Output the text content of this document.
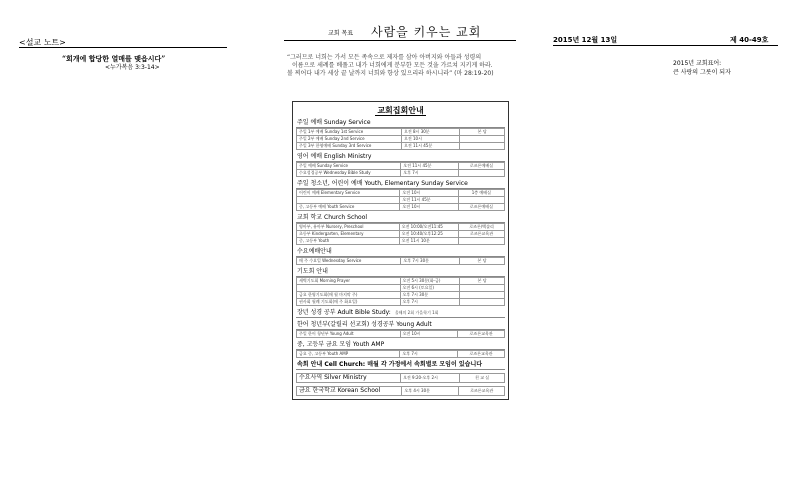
<설교 노트>
“회개에 합당한 열매를 맺읍시다”
<누가복음 3:3-14>
교회 목표 사람을 키우는 교회
2015년 12월 13일	제 40-49호
“그러므로 너희는 가서 모든 족속으로 제자를 삼아 아버지와 아들과 성령의
이름으로 세례를 베풀고 내가 너희에게 분부한 모든 것을 가르쳐 지키게 하라.
볼 찌어다 내가 세상 끝 날까지 너희와 항상 있으리라 하시니라” (마 28:19-20)
2015년 교회표어:
큰 사랑의 그릇이 되자
교회집회안내
주일 예배 Sunday Service
주일 1부 예배 Sunday 1st Service	오전 8시 30분	본 당
주일 2부 예배 Sunday 2nd Service	오전 10시	
주일 3부 한영예배 Sunday 3rd Service	오전 11시 45분	
영어 예배 English Ministry
주일 예배 Sunday Service	오전 11시 45분	로즈론예배실
수요성경공부 Wednesday Bible Study	오후 7시	
주일 청소년, 어린이 예배 Youth, Elementary Sunday Service
어린이 예배 Elementary Service	오전 10시	1층 예배실
	오전 11시 45분	
중, 고등부 예배 Youth Service	오전 10시	로즈론예배실
교회 학교 Church School
영아부, 유아부 Nursery, Preschool	오전 10:00/오전11:45	로즈론/백솔리
초등부 Kindergarten, Elementary	오전 10:40/오후12:25	로즈론교육관
중, 고등부 Youth	오전 11시 10분	
수요예배안내
매 주 수요일 Wednesday Service	오후 7시 30분	본 당
기도회 안내
새벽기도회 Morning Prayer	오전 5시 30분(화-금)	본 당
	오전 6시 (토요일)	
금요 한영기도회(매 월 마지막 주)	오후 7시 30분	
권사회 월례 기도회(매 주 화요일)	오후 7시	
장년 성경 공부 Adult Bible Study: 올해의 2회 가을학기 1회
한어 청년부(갈릴리 선교회) 성경공부 Young Adult
주일 한어 청년부 Young Adult	오전 10시	로즈론교육관
중, 고등부 금요 모임 Youth AMP
금요 중, 고등부 Youth AMP	오후 7시	로즈론교육관
속회 안내 Cell Church: 매월 각 가정에서 속회별로 모임이 있습니다
수요사역 Silver Ministry	오전 9:20-오후 2시	친 교 실
금요 한국학교 Korean School	오후 4시 30분	로즈론교육관
